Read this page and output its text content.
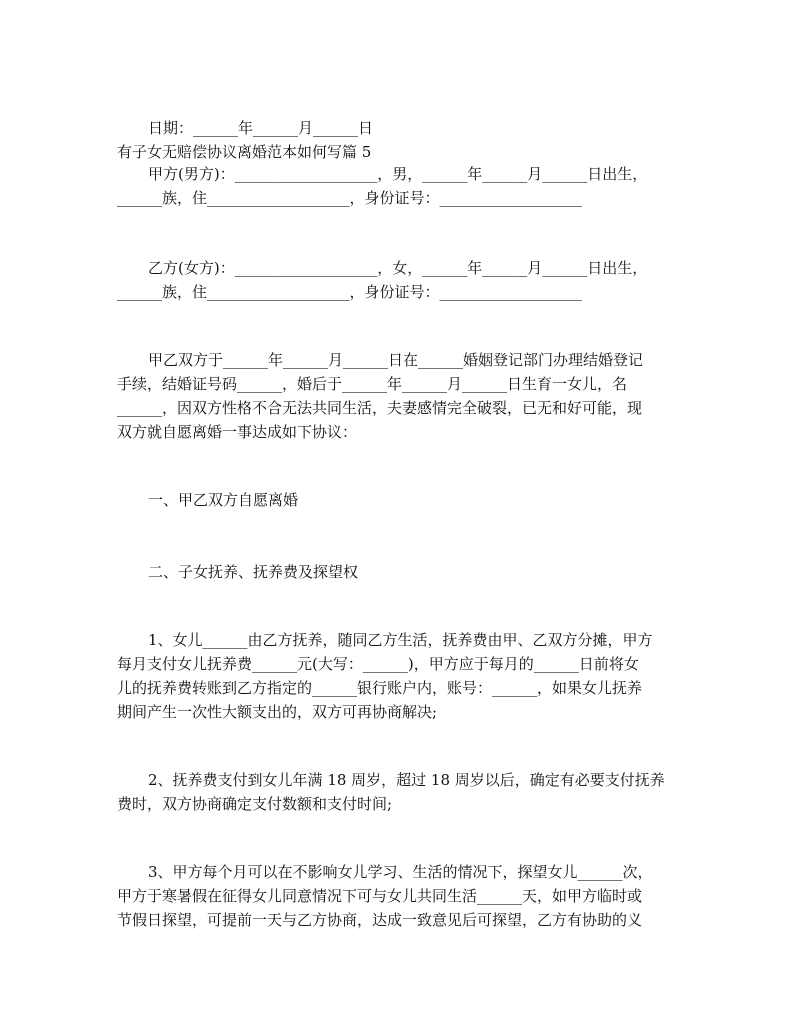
日期：______年______月______日
有子女无赔偿协议离婚范本如何写篇 5
甲方(男方)：___________________，男，______年______月______日出生，
______族，住___________________，身份证号：___________________
乙方(女方)：___________________，女，______年______月______日出生，
______族，住___________________，身份证号：___________________
甲乙双方于______年______月______日在______婚姻登记部门办理结婚登记
手续，结婚证号码______，婚后于______年______月______日生育一女儿，名
______，因双方性格不合无法共同生活，夫妻感情完全破裂，已无和好可能，现
双方就自愿离婚一事达成如下协议：
一、甲乙双方自愿离婚
二、子女抚养、抚养费及探望权
1、女儿______由乙方抚养，随同乙方生活，抚养费由甲、乙双方分摊，甲方
每月支付女儿抚养费______元(大写：______)，甲方应于每月的______日前将女
儿的抚养费转账到乙方指定的______银行账户内，账号：______，如果女儿抚养
期间产生一次性大额支出的，双方可再协商解决;
2、抚养费支付到女儿年满 18 周岁，超过 18 周岁以后，确定有必要支付抚养
费时，双方协商确定支付数额和支付时间;
3、甲方每个月可以在不影响女儿学习、生活的情况下，探望女儿______次，
甲方于寒暑假在征得女儿同意情况下可与女儿共同生活______天，如甲方临时或
节假日探望，可提前一天与乙方协商，达成一致意见后可探望，乙方有协助的义
